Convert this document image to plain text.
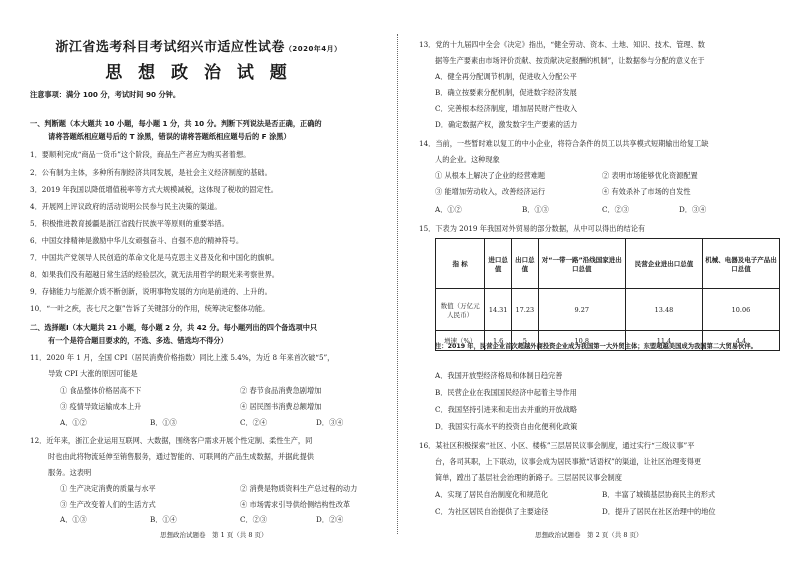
浙江省选考科目考试绍兴市适应性试卷（2020年4月）
思 想 政 治 试 题
注意事项：满分 100 分，考试时间 90 分钟。
一、判断题（本大题共 10 小题，每小题 1 分，共 10 分。判断下列说法是否正确，正确的
请将答题纸相应题号后的 T 涂黑，错误的请将答题纸相应题号后的 F 涂黑）
1．要顺利完成“商品一货币”这个阶段，商品生产者应为购买者着想。
2．公有制为主体，多种所有制经济共同发展，是社会主义经济制度的基础。
3．2019 年我国以降低增值税率等方式大规模减税，这体现了税收的固定性。
4．开展网上评议政府的活动说明公民参与民主决策的渠道。
5．积极推进教育援疆是浙江省践行民族平等原则的重要举措。
6．中国女排精神是激励中华儿女顽强奋斗、自强不息的精神符号。
7．中国共产党领导人民创造的革命文化是马克思主义普及化和中国化的旗帜。
8．如果我们没有超越日常生活的经验层次，就无法用哲学的眼光来考察世界。
9．存储能力与能源介质不断创新，说明事物发展的方向是前进的、上升的。
10．“一叶之疾，丧七尺之躯”告诉了关键部分的作用，统筹决定整体功能。
二、选择题Ⅰ（本大题共 21 小题，每小题 2 分，共 42 分。每小题列出的四个备选项中只
有一个是符合题目要求的，不选、多选、错选均不得分）
11．2020 年 1 月，全国 CPI（居民消费价格指数）同比上涨 5.4%，为近 8 年来首次破“5”，
导致 CPI 大涨的原因可能是
① 食品整体价格居高不下	② 春节食品消费急剧增加
③ 疫情导致运输成本上升	④ 居民图书消费总额增加
A．①②	B．①③	C．②④	D．③④
12．近年来，浙江企业运用互联网、大数据，围绕客户需求开展个性定制、柔性生产，同
时也由此将物流延伸至销售服务，通过智能的、可联网的产品生成数据，并据此提供
服务。这表明
① 生产决定消费的质量与水平	② 消费是物质资料生产总过程的动力
③ 生产改变着人们的生活方式	④ 市场需求引导供给侧结构性改革
A．①③	B．①④	C．②③	D．②④
思想政治试题卷　第 1 页（共 8 页）
13．党的十九届四中全会《决定》指出，“健全劳动、资本、土地、知识、技术、管理、数
据等生产要素由市场评价贡献、按贡献决定报酬的机制”，让数据参与分配的意义在于
A．健全再分配调节机制，促进收入分配公平
B．确立按要素分配机制，促进数字经济发展
C．完善根本经济制度，增加居民财产性收入
D．确定数据产权，激发数字生产要素的活力
14．当前，一些暂时难以复工的中小企业，将符合条件的员工以共享模式短期输出给复工缺
人的企业。这种现象
① 从根本上解决了企业的经营难题	② 表明市场能够优化资源配置
③ 能增加劳动收入，改善经济运行	④ 有效杀补了市场的自发性
A．①②	B．①③	C．②③	D．③④
15．下表为 2019 年我国对外贸易的部分数据，从中可以得出的结论有
指 标	进口总值	出口总值	对“一带一路”沿线国家进出口总值	民营企业进出口总值	机械、电器及电子产品出口总值
数值（万亿元人民币）	14.31	17.23	9.27	13.48	10.06
增速（%）	1.6	5	10.8	11.4	4.4
注：2019 年，民营企业首次超越外商投资企业成为我国第一大外贸主体；东盟超越美国成为我国第二大贸易伙伴。
A．我国开放型经济格局和体制日趋完善
B．民营企业在我国国民经济中起着主导作用
C．我国坚持引进来和走出去并重的开放战略
D．我国实行高水平的投资自由化便利化政策
16．某社区积极探索“社区、小区、楼栋”三层居民议事会制度，通过实行“三级议事”平
台，各司其职，上下联动，议事会成为居民事掀“话语权”的渠道，让社区治理变得更
简单，蹚出了基层社会治理的新路子。三层居民议事会制度
A．实现了居民自治制度化和规范化	B．丰富了城镇基层协商民主的形式
C．为社区居民自治提供了主要途径	D．提升了居民在社区治理中的地位
思想政治试题卷　第 2 页（共 8 页）
